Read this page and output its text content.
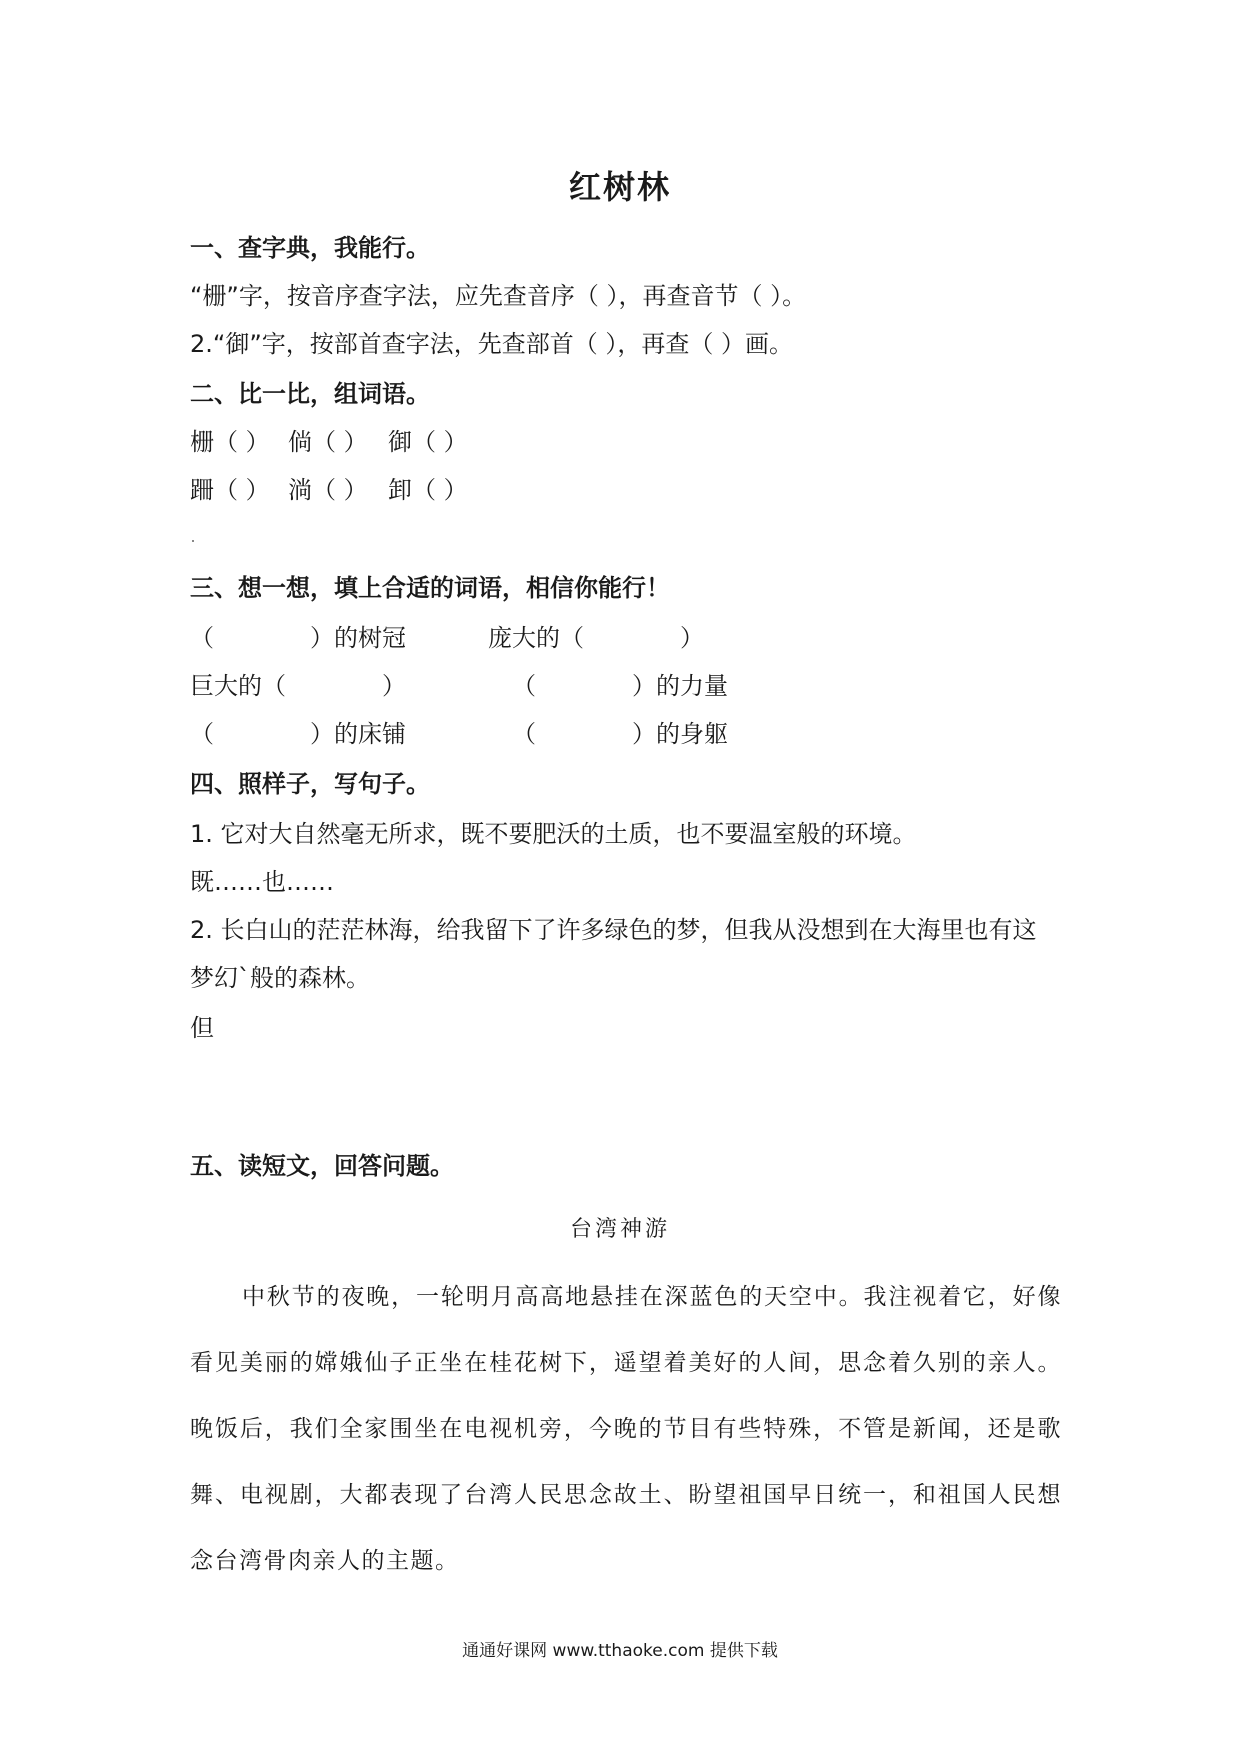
红树林
一、查字典，我能行。
“栅”字，按音序查字法，应先查音序（ ），再查音节（ ）。
2.“御”字，按部首查字法，先查部首（ ），再查（ ）画。
二、比一比，组词语。
栅（ ） 倘（ ） 御（ ）
跚（ ） 淌（ ） 卸（ ）
三、想一想，填上合适的词语，相信你能行！
（　　　　）的树冠	庞大的（　　　　）
巨大的（　　　　）	（　　　　）的力量
（　　　　）的床铺	（　　　　）的身躯
四、照样子，写句子。
1. 它对大自然毫无所求，既不要肥沃的土质，也不要温室般的环境。
既……也……
2. 长白山的茫茫林海，给我留下了许多绿色的梦，但我从没想到在大海里也有这
梦幻`般的森林。
但
五、读短文，回答问题。
台湾神游
中秋节的夜晚，一轮明月高高地悬挂在深蓝色的天空中。我注视着它，好像看见美丽的嫦娥仙子正坐在桂花树下，遥望着美好的人间，思念着久别的亲人。晚饭后，我们全家围坐在电视机旁，今晚的节目有些特殊，不管是新闻，还是歌舞、电视剧，大都表现了台湾人民思念故土、盼望祖国早日统一，和祖国人民想念台湾骨肉亲人的主题。
通通好课网 www.tthaoke.com 提供下载
